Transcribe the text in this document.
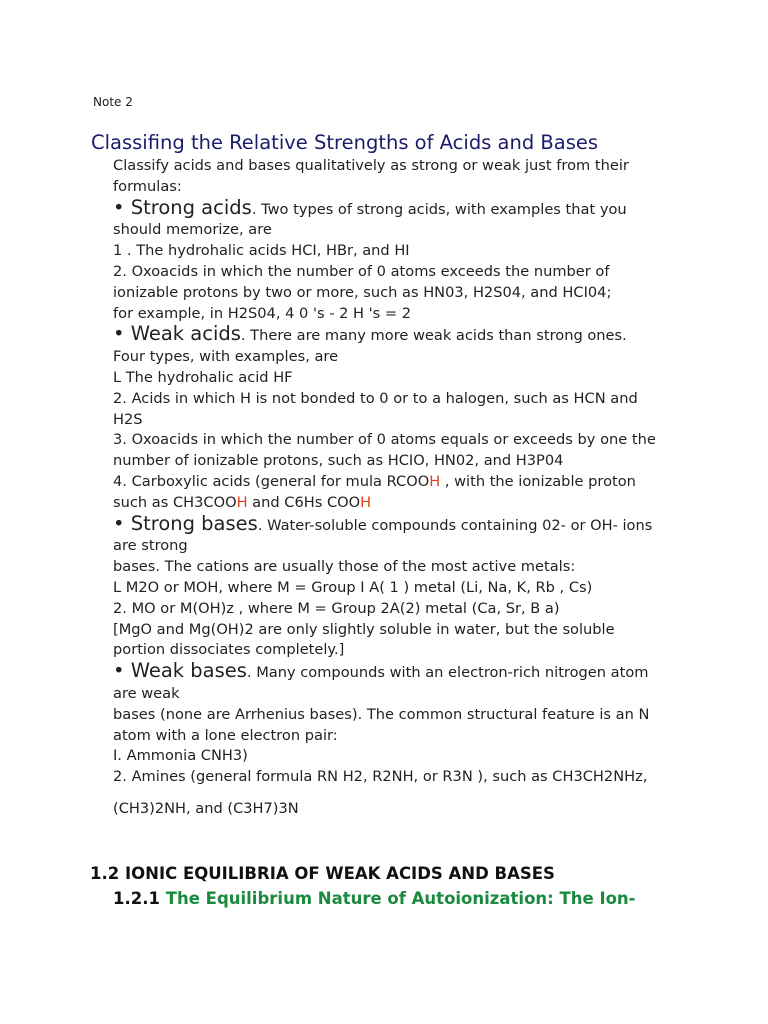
Note 2
Classifing the Relative Strengths of Acids and Bases

Classify acids and bases qualitatively as strong or weak just from their

formulas:

• Strong acids. Two types of strong acids, with examples that you

should memorize, are

1 . The hydrohalic acids HCI, HBr, and HI

2. Oxoacids in which the number of 0 atoms exceeds the number of

ionizable protons by two or more, such as HN03, H2S04, and HCI04;

for example, in H2S04, 4 0 's - 2 H 's = 2

• Weak acids. There are many more weak acids than strong ones.

Four types, with examples, are

L The hydrohalic acid HF

2. Acids in which H is not bonded to 0 or to a halogen, such as HCN and

H2S

3. Oxoacids in which the number of 0 atoms equals or exceeds by one the

number of ionizable protons, such as HCIO, HN02, and H3P04

4. Carboxylic acids (general for mula RCOOH , with the ionizable proton

such as CH3COOH and C6Hs COOH

• Strong bases. Water-soluble compounds containing 02- or OH- ions

are strong

bases. The cations are usually those of the most active metals:

L M2O or MOH, where M = Group I A( 1 ) metal (Li, Na, K, Rb , Cs)

2. MO or M(OH)z , where M = Group 2A(2) metal (Ca, Sr, B a)

[MgO and Mg(OH)2 are only slightly soluble in water, but the soluble

portion dissociates completely.]

• Weak bases. Many compounds with an electron-rich nitrogen atom

are weak

bases (none are Arrhenius bases). The common structural feature is an N

atom with a lone electron pair:

I. Ammonia CNH3)

2. Amines (general formula RN H2, R2NH, or R3N ), such as CH3CH2NHz,

(CH3)2NH, and (C3H7)3N

1.2 IONIC EQUILIBRIA OF WEAK ACIDS AND BASES
1.2.1 The Equilibrium Nature of Autoionization: The Ion-
